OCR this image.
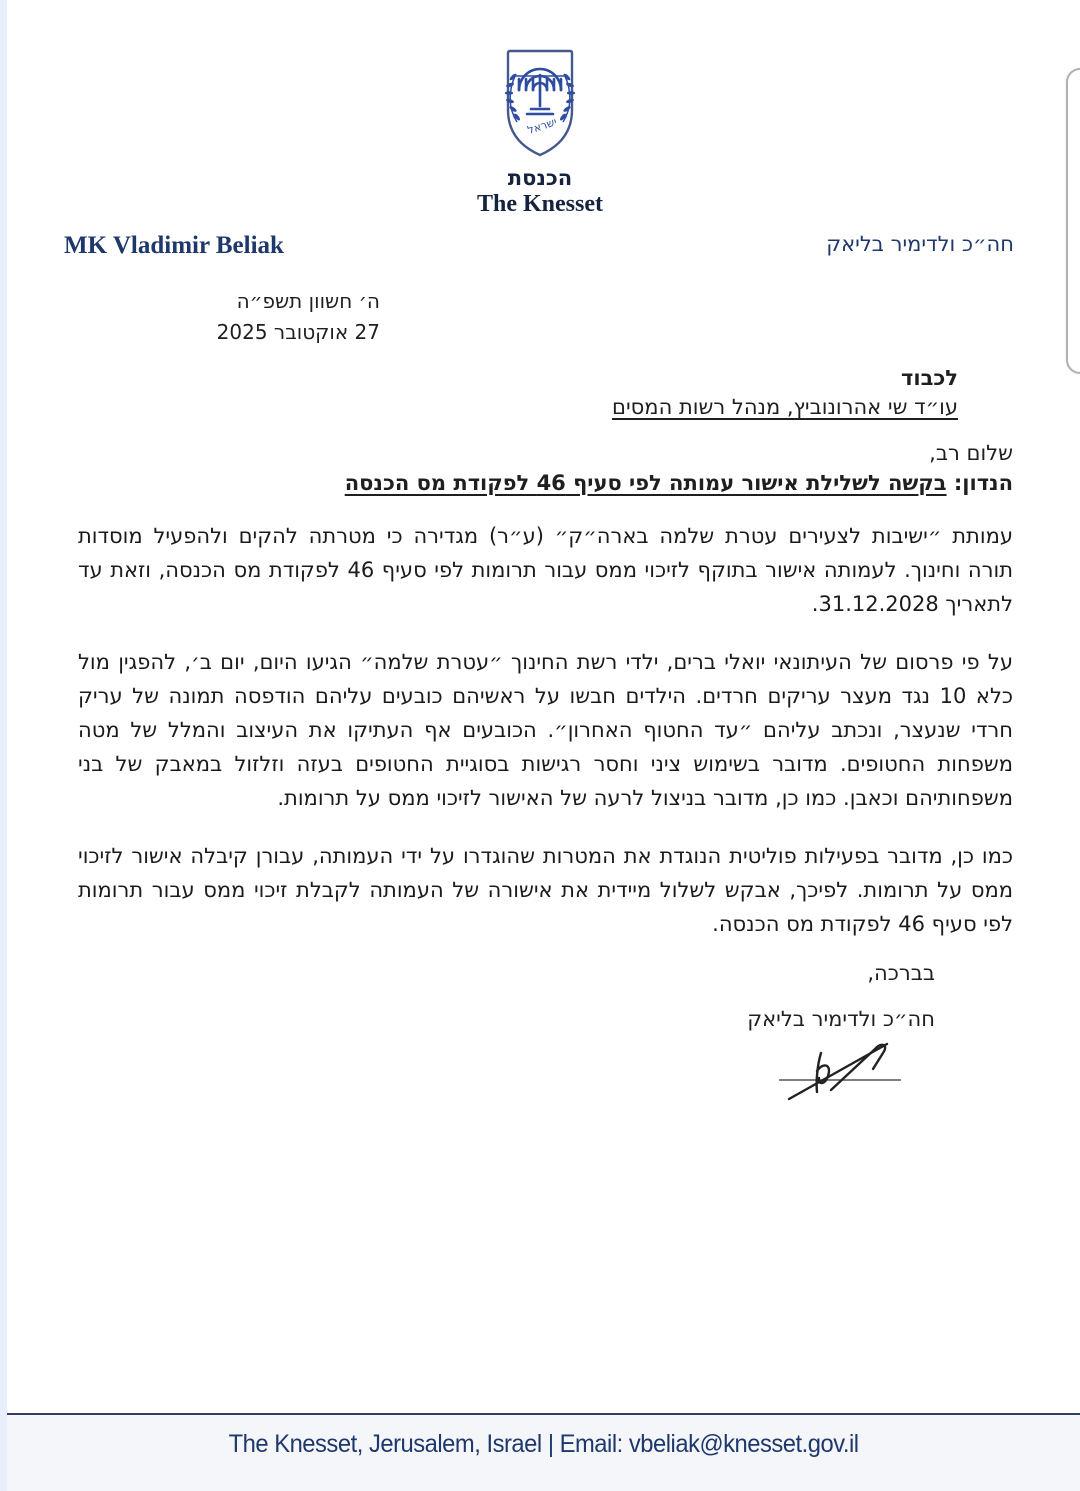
ישראל
הכנסת
The Knesset
MK Vladimir Beliak	חה״כ ולדימיר בליאק
ה׳ חשוון תשפ״ה
27 אוקטובר 2025
לכבוד
עו״ד שי אהרונוביץ, מנהל רשות המסים
שלום רב,
הנדון: בקשה לשלילת אישור עמותה לפי סעיף 46 לפקודת מס הכנסה

עמותת ״ישיבות לצעירים עטרת שלמה בארה״ק״ (ע״ר) מגדירה כי מטרתה להקים ולהפעיל מוסדות תורה וחינוך. לעמותה אישור בתוקף לזיכוי ממס עבור תרומות לפי סעיף 46 לפקודת מס הכנסה, וזאת עד לתאריך 31.12.2028.

על פי פרסום של העיתונאי יואלי ברים, ילדי רשת החינוך ״עטרת שלמה״ הגיעו היום, יום ב׳, להפגין מול כלא 10 נגד מעצר עריקים חרדים. הילדים חבשו על ראשיהם כובעים עליהם הודפסה תמונה של עריק חרדי שנעצר, ונכתב עליהם ״עד החטוף האחרון״. הכובעים אף העתיקו את העיצוב והמלל של מטה משפחות החטופים. מדובר בשימוש ציני וחסר רגישות בסוגיית החטופים בעזה וזלזול במאבק של בני משפחותיהם וכאבן. כמו כן, מדובר בניצול לרעה של האישור לזיכוי ממס על תרומות.

כמו כן, מדובר בפעילות פוליטית הנוגדת את המטרות שהוגדרו על ידי העמותה, עבורן קיבלה אישור לזיכוי ממס על תרומות. לפיכך, אבקש לשלול מיידית את אישורה של העמותה לקבלת זיכוי ממס עבור תרומות לפי סעיף 46 לפקודת מס הכנסה.

בברכה,
חה״כ ולדימיר בליאק
The Knesset, Jerusalem, Israel | Email: vbeliak@knesset.gov.il
